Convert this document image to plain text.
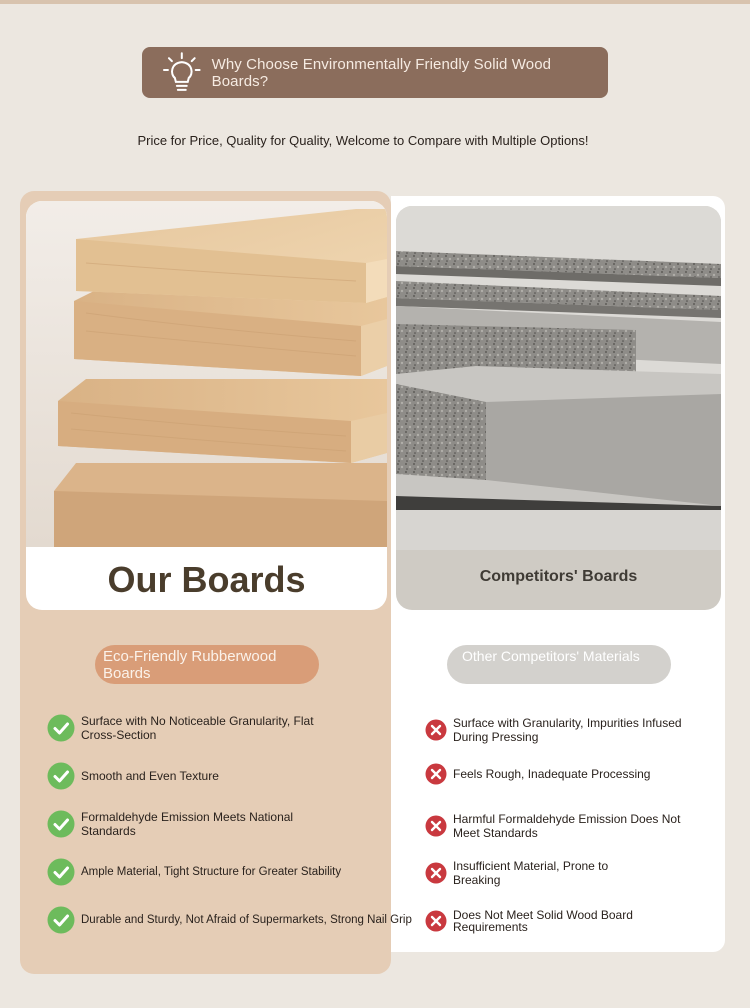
Why Choose Environmentally Friendly Solid Wood Boards?
Price for Price, Quality for Quality, Welcome to Compare with Multiple Options!
Our Boards	Competitors' Boards
Eco-Friendly Rubberwood Boards
Other Competitors' Materials
Surface with No Noticeable Granularity, Flat Cross-Section
Smooth and Even Texture
Formaldehyde Emission Meets National Standards
Ample Material, Tight Structure for Greater Stability
Durable and Sturdy, Not Afraid of Supermarkets, Strong Nail Grip
Surface with Granularity, Impurities Infused During Pressing
Feels Rough, Inadequate Processing
Harmful Formaldehyde Emission Does Not Meet Standards
Insufficient Material, Prone to Breaking
Does Not Meet Solid Wood Board Requirements
